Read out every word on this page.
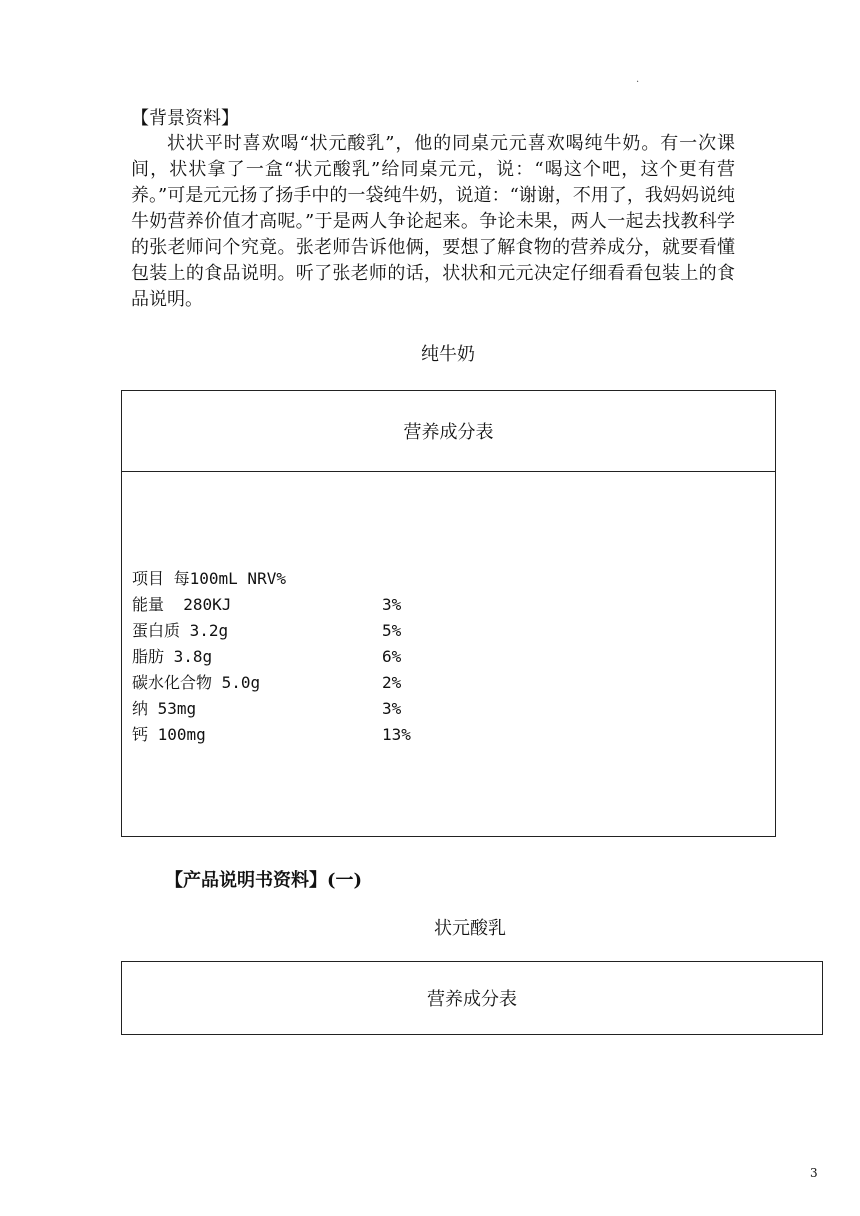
.
【背景资料】

状状平时喜欢喝“状元酸乳”，他的同桌元元喜欢喝纯牛奶。有一次课间，状状拿了一盒“状元酸乳”给同桌元元，说：“喝这个吧，这个更有营养。”可是元元扬了扬手中的一袋纯牛奶，说道：“谢谢，不用了，我妈妈说纯牛奶营养价值才高呢。”于是两人争论起来。争论未果，两人一起去找教科学的张老师问个究竟。张老师告诉他俩，要想了解食物的营养成分，就要看懂包装上的食品说明。听了张老师的话，状状和元元决定仔细看看包装上的食品说明。

纯牛奶
营养成分表
项目 每100mL NRV%
能量  280KJ	3%
蛋白质 3.2g	5%
脂肪 3.8g	6%
碳水化合物 5.0g	2%
纳 53mg	3%
钙 100mg	13%
【产品说明书资料】(一)
状元酸乳
营养成分表
3
